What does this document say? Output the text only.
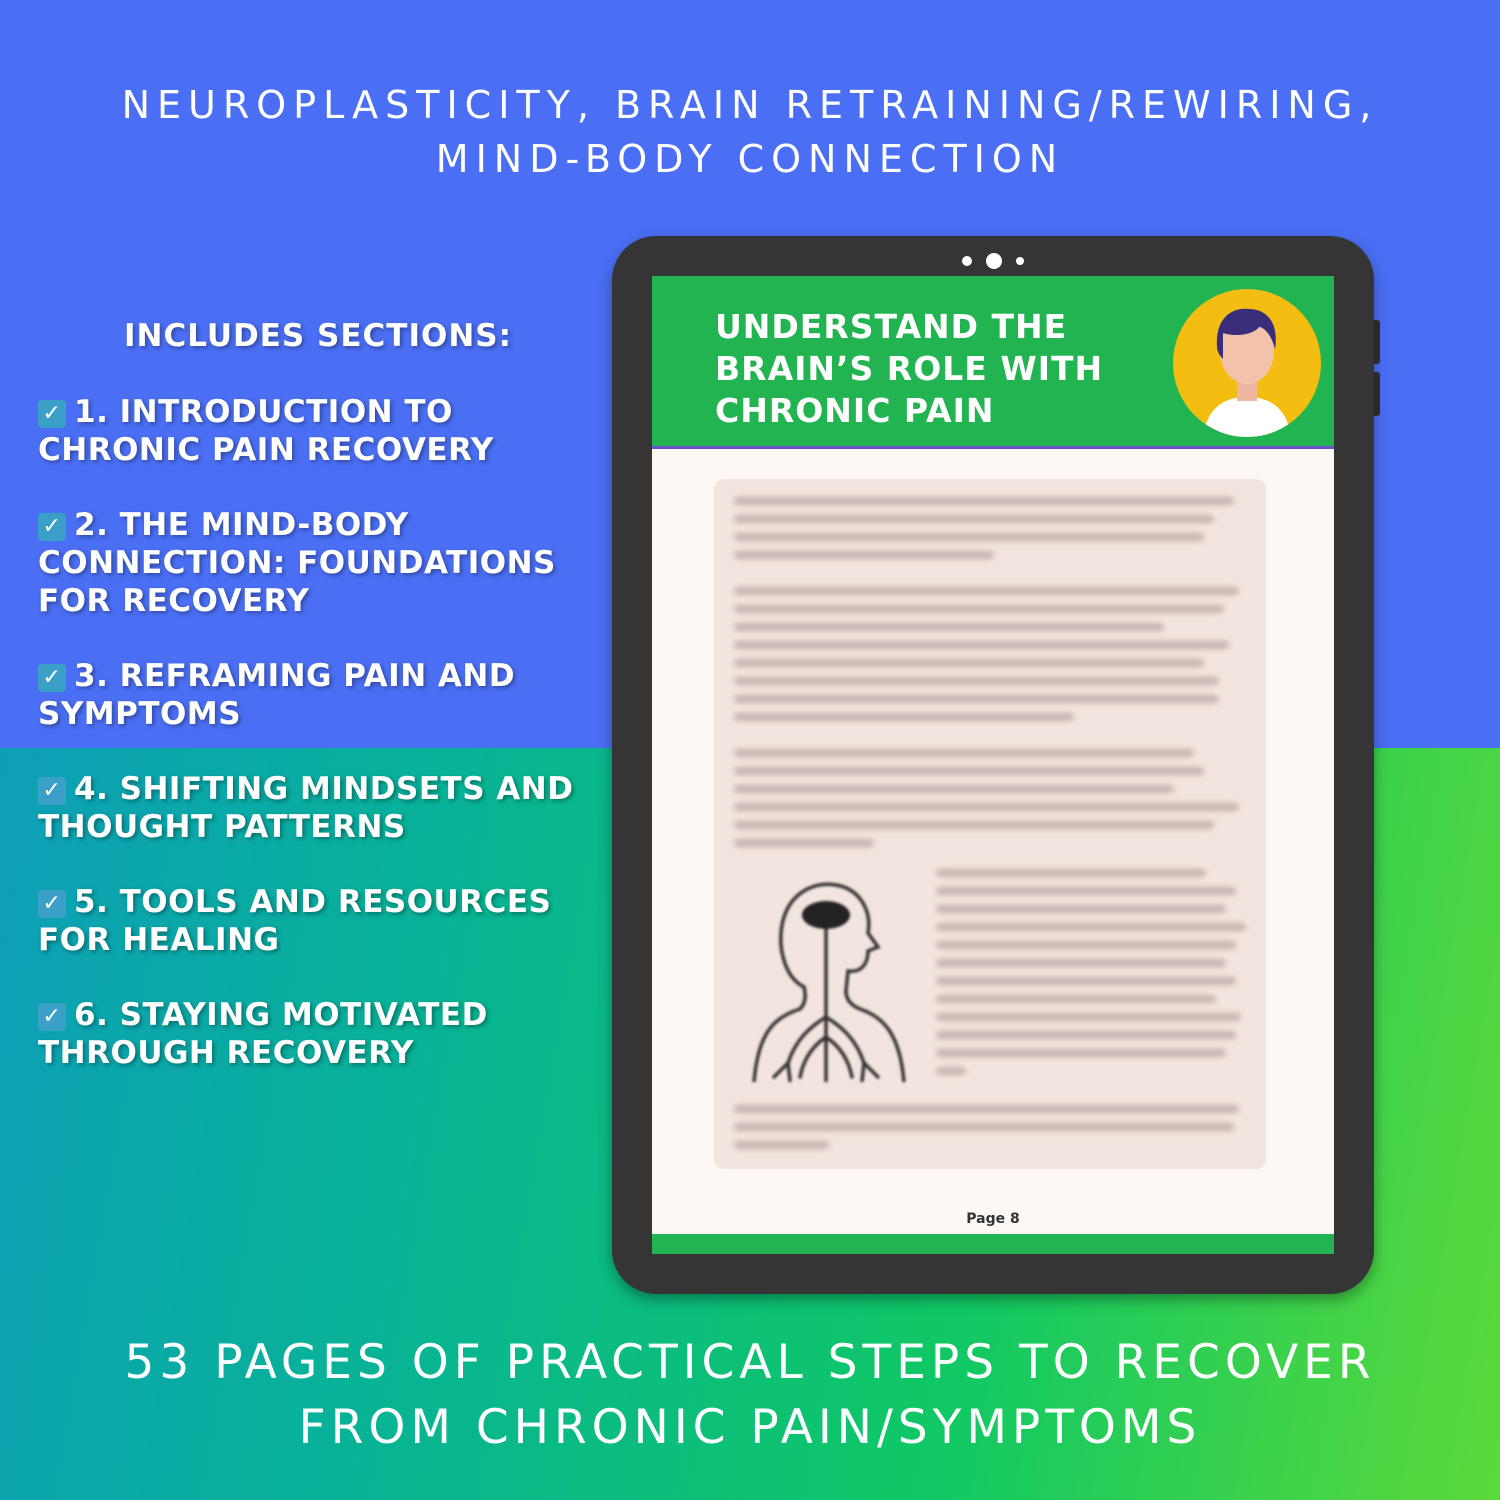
NEUROPLASTICITY, BRAIN RETRAINING/REWIRING,
MIND-BODY CONNECTION
INCLUDES SECTIONS:
✓ 1. INTRODUCTION TO
CHRONIC PAIN RECOVERY
✓ 2. THE MIND-BODY
CONNECTION: FOUNDATIONS
FOR RECOVERY
✓ 3. REFRAMING PAIN AND
SYMPTOMS
✓ 4. SHIFTING MINDSETS AND
THOUGHT PATTERNS
✓ 5. TOOLS AND RESOURCES
FOR HEALING
✓ 6. STAYING MOTIVATED
THROUGH RECOVERY
UNDERSTAND THE
BRAIN’S ROLE WITH
CHRONIC PAIN
Page 8
53 PAGES OF PRACTICAL STEPS TO RECOVER
FROM CHRONIC PAIN/SYMPTOMS
